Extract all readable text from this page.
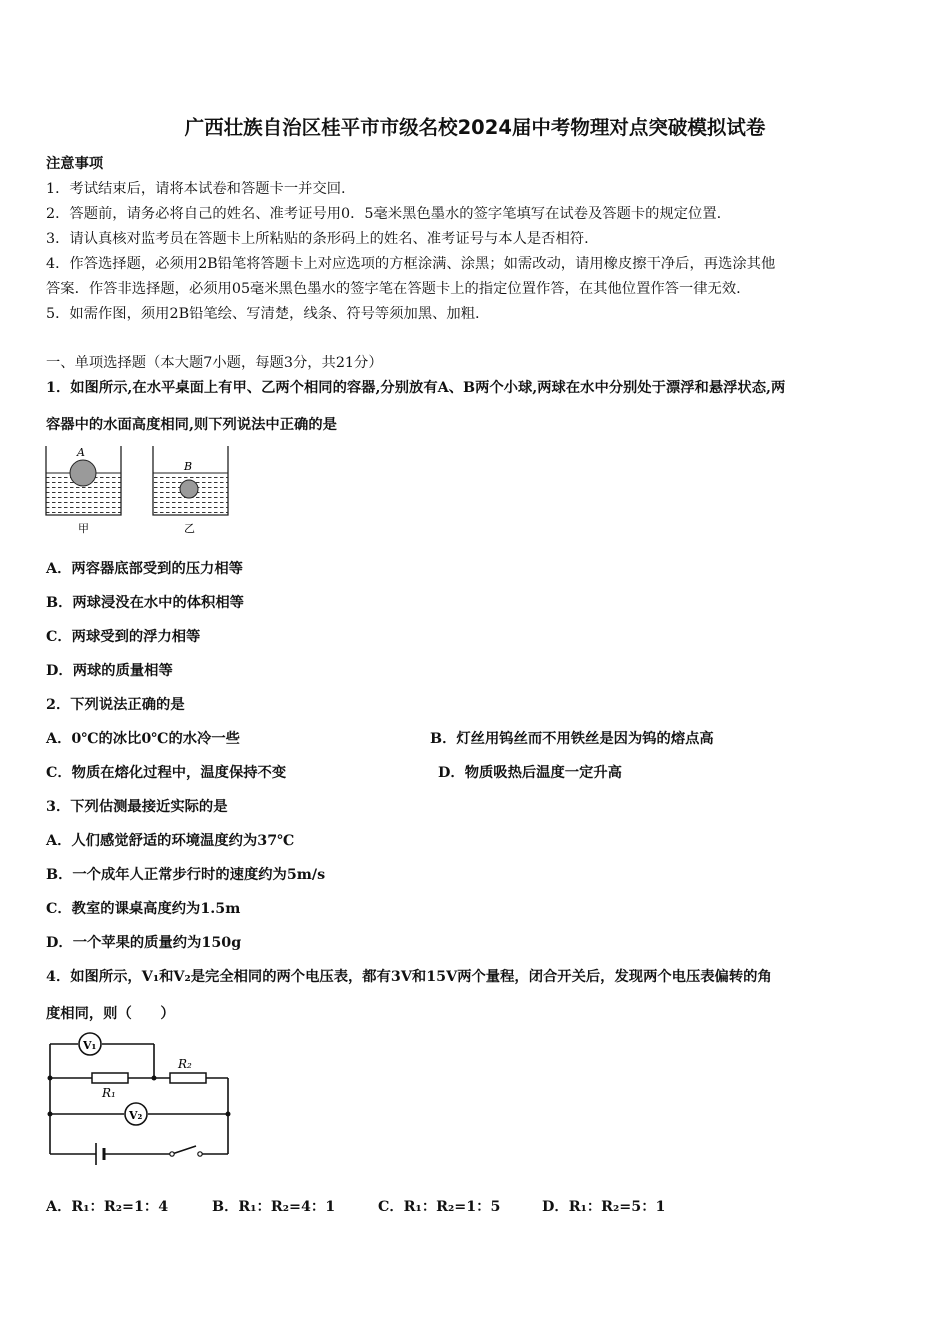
广西壮族自治区桂平市市级名校2024届中考物理对点突破模拟试卷
注意事项
1．考试结束后，请将本试卷和答题卡一并交回.
2．答题前，请务必将自己的姓名、准考证号用0．5毫米黑色墨水的签字笔填写在试卷及答题卡的规定位置.
3．请认真核对监考员在答题卡上所粘贴的条形码上的姓名、准考证号与本人是否相符.
4．作答选择题，必须用2B铅笔将答题卡上对应选项的方框涂满、涂黑；如需改动，请用橡皮擦干净后，再选涂其他
答案．作答非选择题，必须用05毫米黑色墨水的签字笔在答题卡上的指定位置作答，在其他位置作答一律无效.
5．如需作图，须用2B铅笔绘、写清楚，线条、符号等须加黑、加粗.
一、单项选择题（本大题7小题，每题3分，共21分）
1．如图所示,在水平桌面上有甲、乙两个相同的容器,分别放有A、B两个小球,两球在水中分别处于漂浮和悬浮状态,两
容器中的水面高度相同,则下列说法中正确的是
A
B
甲	乙
A．两容器底部受到的压力相等
B．两球浸没在水中的体积相等
C．两球受到的浮力相等
D．两球的质量相等
2．下列说法正确的是
A．0℃的冰比0℃的水冷一些	B．灯丝用钨丝而不用铁丝是因为钨的熔点高
C．物质在熔化过程中，温度保持不变	D．物质吸热后温度一定升高
3．下列估测最接近实际的是
A．人们感觉舒适的环境温度约为37℃
B．一个成年人正常步行时的速度约为5m/s
C．教室的课桌高度约为1.5m
D．一个苹果的质量约为150g
4．如图所示，V₁和V₂是完全相同的两个电压表，都有3V和15V两个量程，闭合开关后，发现两个电压表偏转的角
度相同，则（　　）
V₁
V₂
R₁
R₂
A．R₁：R₂=1：4	B．R₁：R₂=4：1	C．R₁：R₂=1：5	D．R₁：R₂=5：1
